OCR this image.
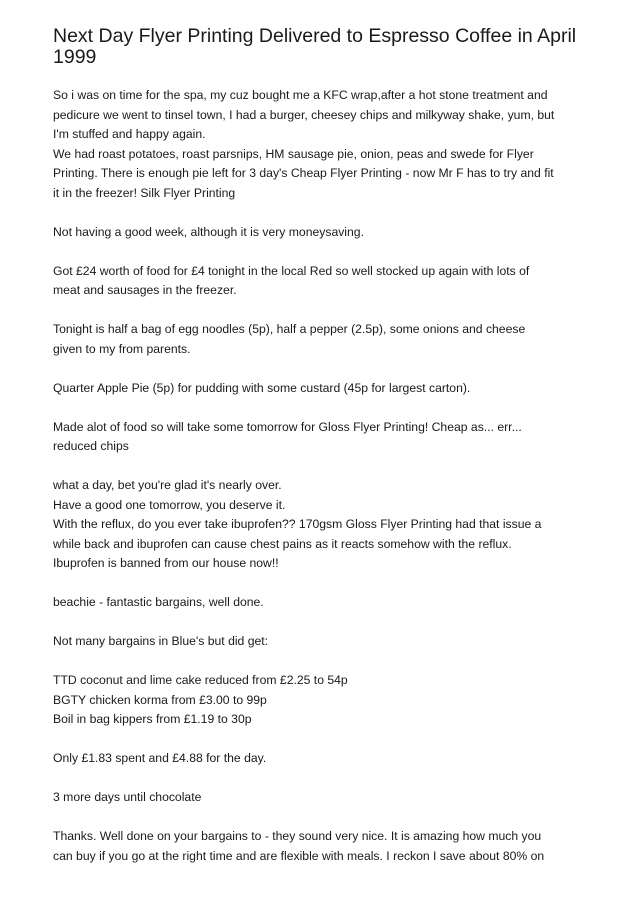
Next Day Flyer Printing Delivered to Espresso Coffee in April 1999

So i was on time for the spa, my cuz bought me a KFC wrap,after a hot stone treatment and
pedicure we went to tinsel town, I had a burger, cheesey chips and milkyway shake, yum, but
I'm stuffed and happy again.
We had roast potatoes, roast parsnips, HM sausage pie, onion, peas and swede for Flyer
Printing. There is enough pie left for 3 day's Cheap Flyer Printing - now Mr F has to try and fit
it in the freezer! Silk Flyer Printing

Not having a good week, although it is very moneysaving.

Got £24 worth of food for £4 tonight in the local Red so well stocked up again with lots of
meat and sausages in the freezer.

Tonight is half a bag of egg noodles (5p), half a pepper (2.5p), some onions and cheese
given to my from parents.

Quarter Apple Pie (5p) for pudding with some custard (45p for largest carton).

Made alot of food so will take some tomorrow for Gloss Flyer Printing! Cheap as... err...
reduced chips

what a day, bet you're glad it's nearly over.
Have a good one tomorrow, you deserve it.
With the reflux, do you ever take ibuprofen?? 170gsm Gloss Flyer Printing had that issue a
while back and ibuprofen can cause chest pains as it reacts somehow with the reflux.
Ibuprofen is banned from our house now!!

beachie - fantastic bargains, well done.

Not many bargains in Blue's but did get:

TTD coconut and lime cake reduced from £2.25 to 54p
BGTY chicken korma from £3.00 to 99p
Boil in bag kippers from £1.19 to 30p

Only £1.83 spent and £4.88 for the day.

3 more days until chocolate

Thanks. Well done on your bargains to - they sound very nice. It is amazing how much you
can buy if you go at the right time and are flexible with meals. I reckon I save about 80% on
